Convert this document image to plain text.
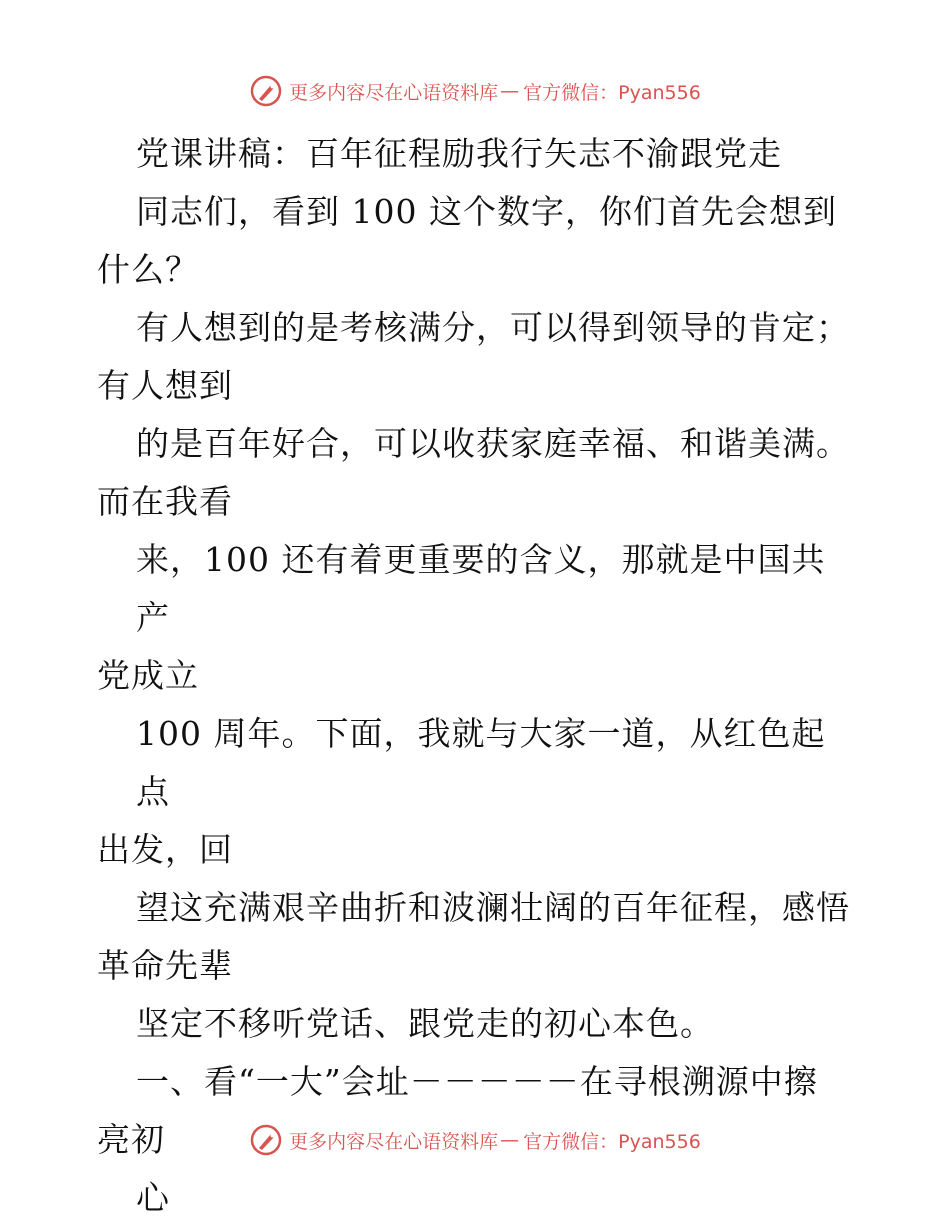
更多内容尽在心语资料库 — 官方微信：Pyan556

党课讲稿：百年征程励我行矢志不渝跟党走

同志们，看到 100 这个数字，你们首先会想到

什么？

有人想到的是考核满分，可以得到领导的肯定；

有人想到

的是百年好合，可以收获家庭幸福、和谐美满。

而在我看

来，100 还有着更重要的含义，那就是中国共产

党成立

100 周年。下面，我就与大家一道，从红色起点

出发，回

望这充满艰辛曲折和波澜壮阔的百年征程，感悟

革命先辈

坚定不移听党话、跟党走的初心本色。

一、看“一大”会址－－－－－在寻根溯源中擦

亮初

心

更多内容尽在心语资料库 — 官方微信：Pyan556
